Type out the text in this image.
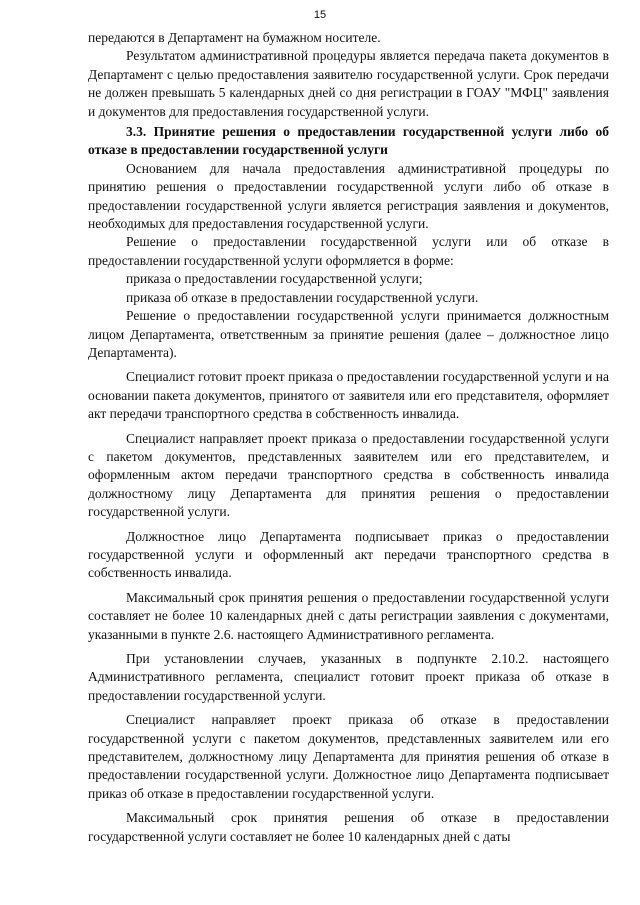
15

передаются в Департамент на бумажном носителе.

Результатом административной процедуры является передача пакета документов в Департамент с целью предоставления заявителю государственной услуги. Срок передачи не должен превышать 5 календарных дней со дня регистрации в ГОАУ "МФЦ" заявления и документов для предоставления государственной услуги.

3.3. Принятие решения о предоставлении государственной услуги либо об отказе в предоставлении государственной услуги

Основанием для начала предоставления административной процедуры по принятию решения о предоставлении государственной услуги либо об отказе в предоставлении государственной услуги является регистрация заявления и документов, необходимых для предоставления государственной услуги.

Решение о предоставлении государственной услуги или об отказе в предоставлении государственной услуги оформляется в форме:

приказа о предоставлении государственной услуги;

приказа об отказе в предоставлении государственной услуги.

Решение о предоставлении государственной услуги принимается должностным лицом Департамента, ответственным за принятие решения (далее – должностное лицо Департамента).

Специалист готовит проект приказа о предоставлении государственной услуги и на основании пакета документов, принятого от заявителя или его представителя, оформляет акт передачи транспортного средства в собственность инвалида.

Специалист направляет проект приказа о предоставлении государственной услуги с пакетом документов, представленных заявителем или его представителем, и оформленным актом передачи транспортного средства в собственность инвалида должностному лицу Департамента для принятия решения о предоставлении государственной услуги.

Должностное лицо Департамента подписывает приказ о предоставлении государственной услуги и оформленный акт передачи транспортного средства в собственность инвалида.

Максимальный срок принятия решения о предоставлении государственной услуги составляет не более 10 календарных дней с даты регистрации заявления с документами, указанными в пункте 2.6. настоящего Административного регламента.

При установлении случаев, указанных в подпункте 2.10.2. настоящего Административного регламента, специалист готовит проект приказа об отказе в предоставлении государственной услуги.

Специалист направляет проект приказа об отказе в предоставлении государственной услуги с пакетом документов, представленных заявителем или его представителем, должностному лицу Департамента для принятия решения об отказе в предоставлении государственной услуги. Должностное лицо Департамента подписывает приказ об отказе в предоставлении государственной услуги.

Максимальный срок принятия решения об отказе в предоставлении государственной услуги составляет не более 10 календарных дней с даты
